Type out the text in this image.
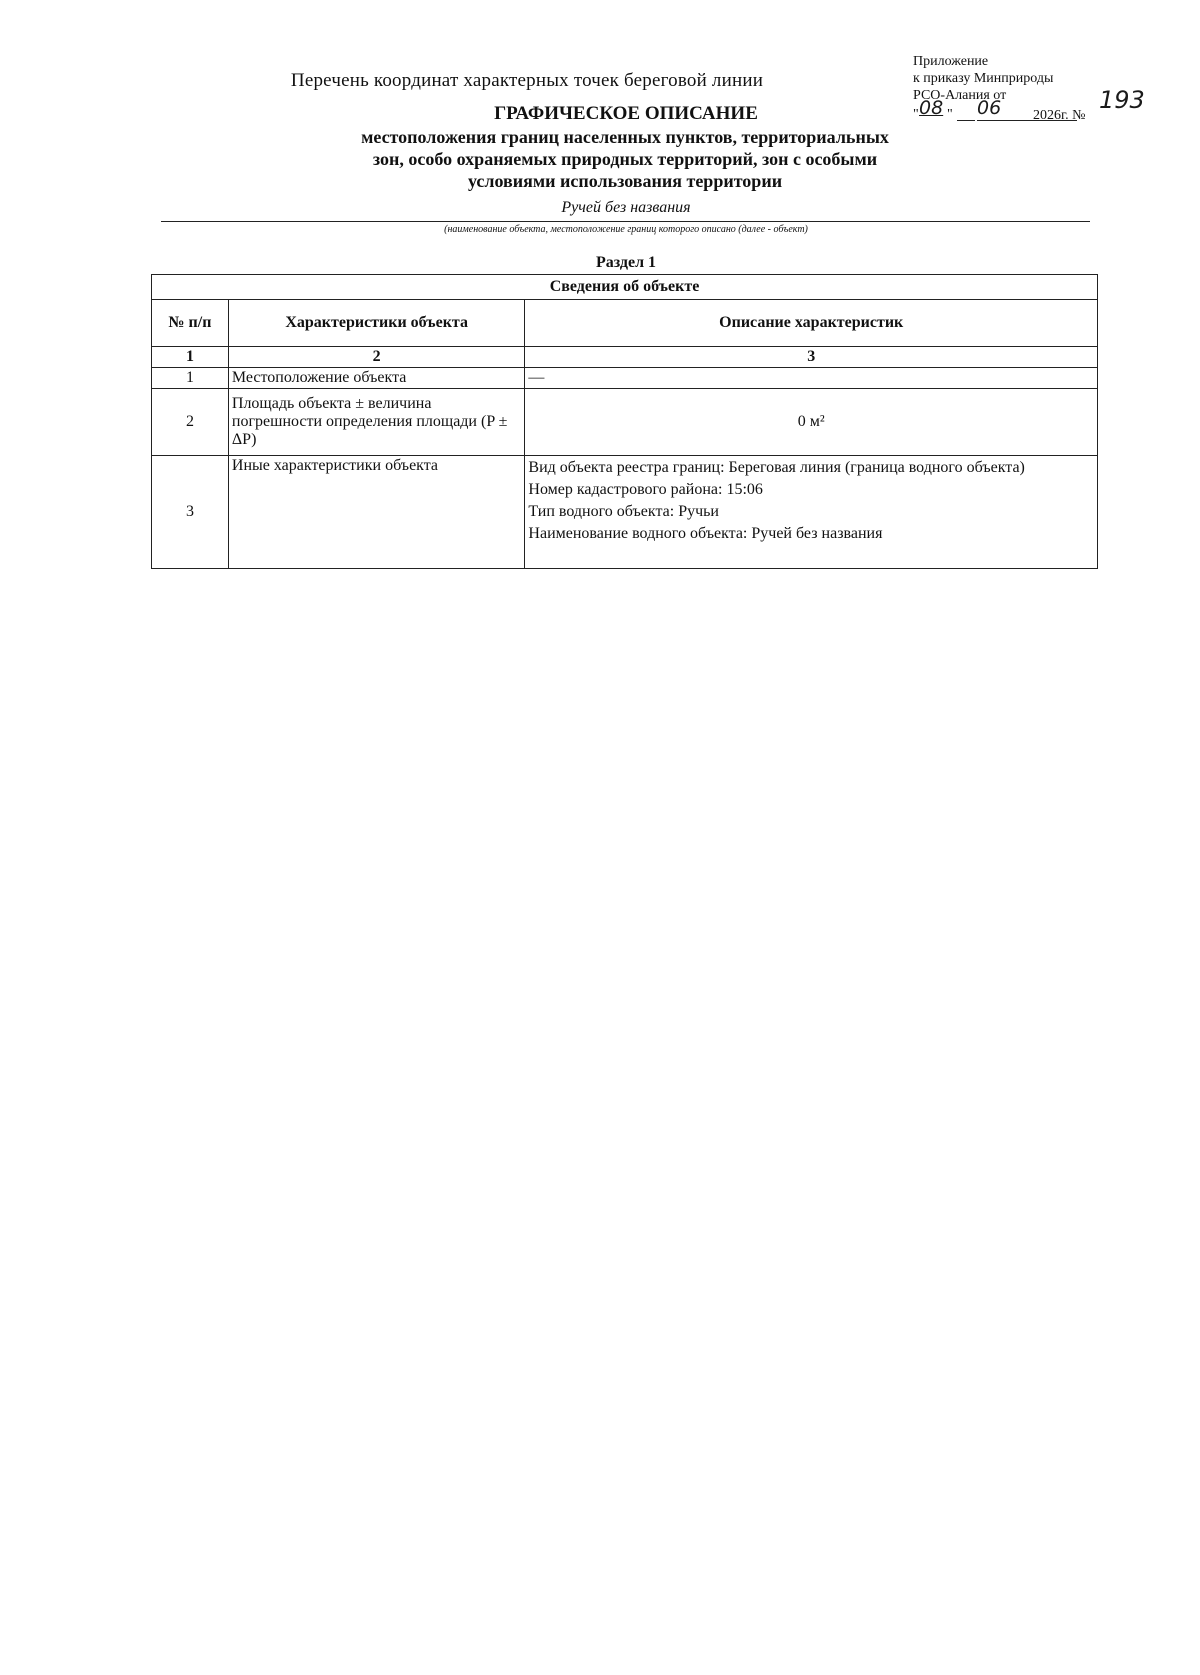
Приложение
к приказу Минприроды
РСО-Алания от
" 08 " 06 2026г. №
193
Перечень координат характерных точек береговой линии
ГРАФИЧЕСКОЕ ОПИСАНИЕ
местоположения границ населенных пунктов, территориальных
зон, особо охраняемых природных территорий, зон с особыми
условиями использования территории
Ручей без названия
(наименование объекта, местоположение границ которого описано (далее - объект)
Раздел 1
Сведения об объекте		
№ п/п	Характеристики объекта	Описание характеристик
1	2	3
1	Местоположение объекта	—
2	Площадь объекта ± величина погрешности определения площади (P ± ΔP)	0 м²
3	Иные характеристики объекта	Вид объекта реестра границ: Береговая линия (граница водного объекта)
Номер кадастрового района: 15:06
Тип водного объекта: Ручьи
Наименование водного объекта: Ручей без названия
